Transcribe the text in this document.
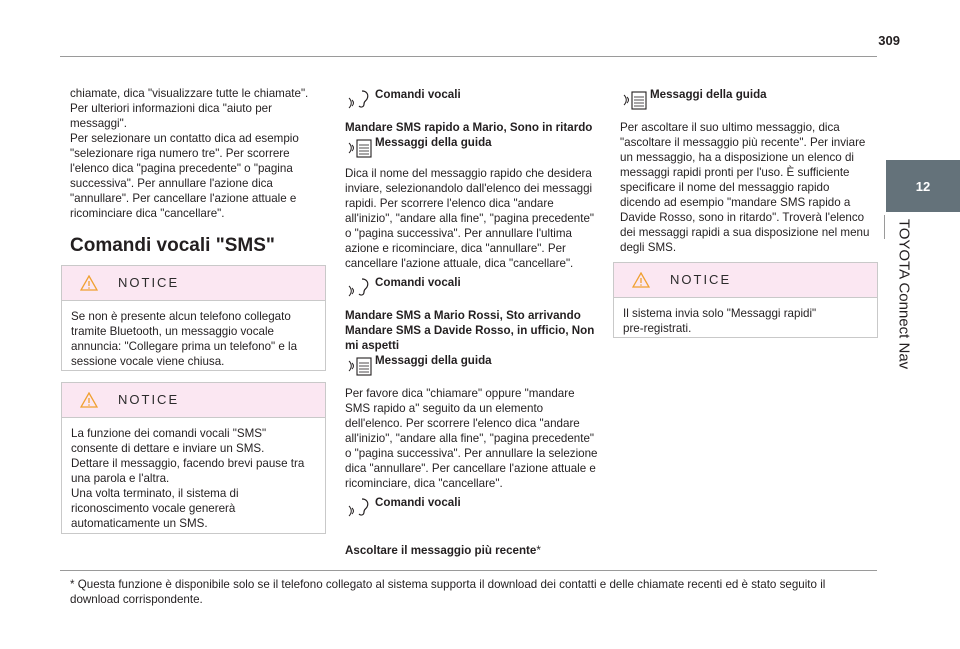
309
12
TOYOTA Connect Nav
chiamate, dica "visualizzare tutte le chiamate".
Per ulteriori informazioni dica "aiuto per
messaggi".
Per selezionare un contatto dica ad esempio
"selezionare riga numero tre". Per scorrere
l'elenco dica "pagina precedente" o "pagina
successiva". Per annullare l'azione dica
"annullare". Per cancellare l'azione attuale e
ricominciare dica "cancellare".
Comandi vocali "SMS"
NOTICE
Se non è presente alcun telefono collegato
tramite Bluetooth, un messaggio vocale
annuncia: "Collegare prima un telefono" e la
sessione vocale viene chiusa.
NOTICE
La funzione dei comandi vocali "SMS"
consente di dettare e inviare un SMS.
Dettare il messaggio, facendo brevi pause tra
una parola e l'altra.
Una volta terminato, il sistema di
riconoscimento vocale genererà
automaticamente un SMS.
Comandi vocali
Mandare SMS rapido a Mario, Sono in ritardo
Messaggi della guida
Dica il nome del messaggio rapido che desidera
inviare, selezionandolo dall'elenco dei messaggi
rapidi. Per scorrere l'elenco dica "andare
all'inizio", "andare alla fine", "pagina precedente"
o "pagina successiva". Per annullare l'ultima
azione e ricominciare, dica "annullare". Per
cancellare l'azione attuale, dica "cancellare".
Comandi vocali
Mandare SMS a Mario Rossi, Sto arrivando
Mandare SMS a Davide Rosso, in ufficio, Non
mi aspetti
Messaggi della guida
Per favore dica "chiamare" oppure "mandare
SMS rapido a" seguito da un elemento
dell'elenco. Per scorrere l'elenco dica "andare
all'inizio", "andare alla fine", "pagina precedente"
o "pagina successiva". Per annullare la selezione
dica "annullare". Per cancellare l'azione attuale e
ricominciare, dica "cancellare".
Comandi vocali

Ascoltare il messaggio più recente*

Messaggi della guida
Per ascoltare il suo ultimo messaggio, dica
"ascoltare il messaggio più recente". Per inviare
un messaggio, ha a disposizione un elenco di
messaggi rapidi pronti per l'uso. È sufficiente
specificare il nome del messaggio rapido
dicendo ad esempio "mandare SMS rapido a
Davide Rosso, sono in ritardo". Troverà l'elenco
dei messaggi rapidi a sua disposizione nel menu
degli SMS.
NOTICE
Il sistema invia solo "Messaggi rapidi"
pre-registrati.
* Questa funzione è disponibile solo se il telefono collegato al sistema supporta il download dei contatti e delle chiamate recenti ed è stato seguito il download corrispondente.
